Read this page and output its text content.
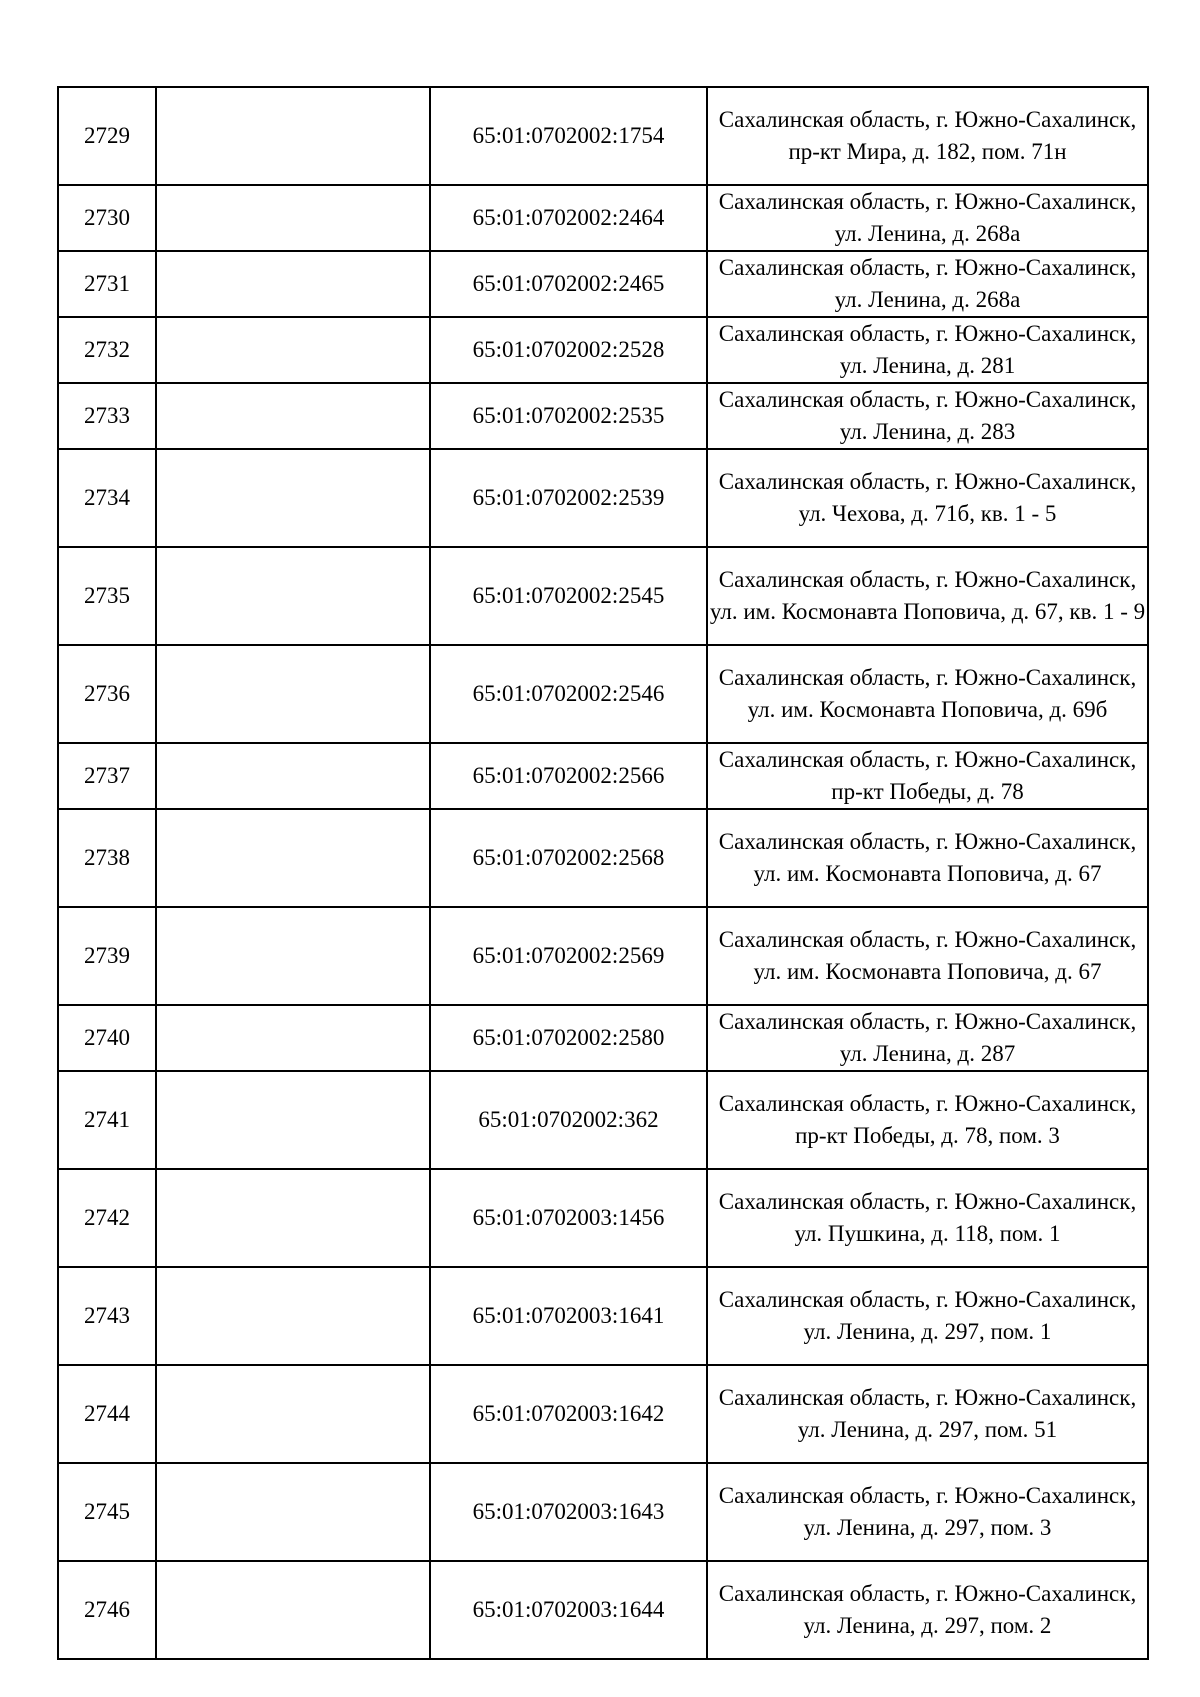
2729		65:01:0702002:1754	Сахалинская область, г. Южно-Сахалинск, пр-кт Мира, д. 182, пом. 71н
2730		65:01:0702002:2464	Сахалинская область, г. Южно-Сахалинск, ул. Ленина, д. 268а
2731		65:01:0702002:2465	Сахалинская область, г. Южно-Сахалинск, ул. Ленина, д. 268а
2732		65:01:0702002:2528	Сахалинская область, г. Южно-Сахалинск, ул. Ленина, д. 281
2733		65:01:0702002:2535	Сахалинская область, г. Южно-Сахалинск, ул. Ленина, д. 283
2734		65:01:0702002:2539	Сахалинская область, г. Южно-Сахалинск, ул. Чехова, д. 71б, кв. 1 - 5
2735		65:01:0702002:2545	Сахалинская область, г. Южно-Сахалинск, ул. им. Космонавта Поповича, д. 67, кв. 1 - 9
2736		65:01:0702002:2546	Сахалинская область, г. Южно-Сахалинск, ул. им. Космонавта Поповича, д. 69б
2737		65:01:0702002:2566	Сахалинская область, г. Южно-Сахалинск, пр-кт Победы, д. 78
2738		65:01:0702002:2568	Сахалинская область, г. Южно-Сахалинск, ул. им. Космонавта Поповича, д. 67
2739		65:01:0702002:2569	Сахалинская область, г. Южно-Сахалинск, ул. им. Космонавта Поповича, д. 67
2740		65:01:0702002:2580	Сахалинская область, г. Южно-Сахалинск, ул. Ленина, д. 287
2741		65:01:0702002:362	Сахалинская область, г. Южно-Сахалинск, пр-кт Победы, д. 78, пом. 3
2742		65:01:0702003:1456	Сахалинская область, г. Южно-Сахалинск, ул. Пушкина, д. 118, пом. 1
2743		65:01:0702003:1641	Сахалинская область, г. Южно-Сахалинск, ул. Ленина, д. 297, пом. 1
2744		65:01:0702003:1642	Сахалинская область, г. Южно-Сахалинск, ул. Ленина, д. 297, пом. 51
2745		65:01:0702003:1643	Сахалинская область, г. Южно-Сахалинск, ул. Ленина, д. 297, пом. 3
2746		65:01:0702003:1644	Сахалинская область, г. Южно-Сахалинск, ул. Ленина, д. 297, пом. 2
